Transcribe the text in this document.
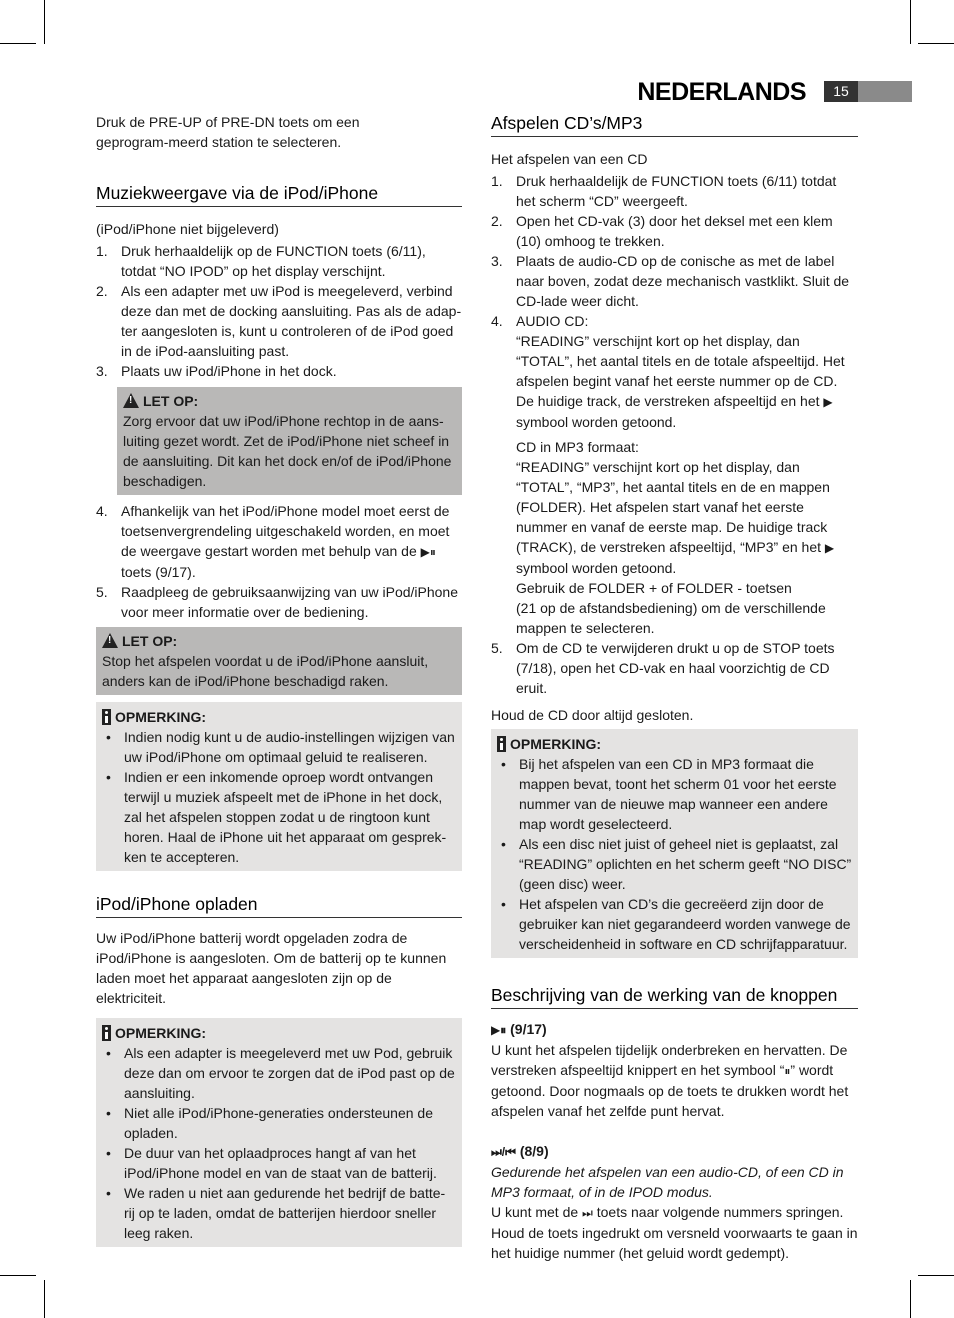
NEDERLANDS	15

Druk de PRE-UP of PRE-DN toets om een geprogram-meerd station te selecteren.

Muziekweergave via de iPod/iPhone

(iPod/iPhone niet bijgeleverd)

1. Druk herhaaldelijk op de FUNCTION toets (6/11), totdat “NO IPOD” op het display verschijnt.
2. Als een adapter met uw iPod is meegeleverd, verbind deze dan met de docking aansluiting. Pas als de adap-ter aangesloten is, kunt u controleren of de iPod goed in de iPod-aansluiting past.
3. Plaats uw iPod/iPhone in het dock.
!LET OP:
Zorg ervoor dat uw iPod/iPhone rechtop in de aans-luiting gezet wordt. Zet de iPod/iPhone niet scheef in de aansluiting. Dit kan het dock en/of de iPod/iPhone beschadigen.
4. Afhankelijk van het iPod/iPhone model moet eerst de toetsenvergrendeling uitgeschakeld worden, en moet de weergave gestart worden met behulp van de ▶⏸ toets (9/17).
5. Raadpleeg de gebruiksaanwijzing van uw iPod/iPhone voor meer informatie over de bediening.
!LET OP:
Stop het afspelen voordat u de iPod/iPhone aansluit, anders kan de iPod/iPhone beschadigd raken.
OPMERKING:
• Indien nodig kunt u de audio-instellingen wijzigen van uw iPod/iPhone om optimaal geluid te realiseren.
• Indien er een inkomende oproep wordt ontvangen terwijl u muziek afspeelt met de iPhone in het dock, zal het afspelen stoppen zodat u de ringtoon kunt horen. Haal de iPhone uit het apparaat om gesprek-ken te accepteren.
iPod/iPhone opladen

Uw iPod/iPhone batterij wordt opgeladen zodra de iPod/iPhone is aangesloten. Om de batterij op te kunnen laden moet het apparaat aangesloten zijn op de elektriciteit.

OPMERKING:
• Als een adapter is meegeleverd met uw Pod, gebruik deze dan om ervoor te zorgen dat de iPod past op de aansluiting.
• Niet alle iPod/iPhone-generaties ondersteunen de opladen.
• De duur van het oplaadproces hangt af van het iPod/iPhone model en van de staat van de batterij.
• We raden u niet aan gedurende het bedrijf de batte-rij op te laden, omdat de batterijen hierdoor sneller leeg raken.
Afspelen CD’s/MP3

Het afspelen van een CD

1. Druk herhaaldelijk de FUNCTION toets (6/11) totdat het scherm “CD” weergeeft.
2. Open het CD-vak (3) door het deksel met een klem (10) omhoog te trekken.
3. Plaats de audio-CD op de conische as met de label naar boven, zodat deze mechanisch vastklikt. Sluit de CD-lade weer dicht.
4. AUDIO CD:
“READING” verschijnt kort op het display, dan “TOTAL”, het aantal titels en de totale afspeeltijd. Het afspelen begint vanaf het eerste nummer op de CD. De huidige track, de verstreken afspeeltijd en het ▶ symbool worden getoond.
CD in MP3 formaat:
“READING” verschijnt kort op het display, dan “TOTAL”, “MP3”, het aantal titels en de en mappen (FOLDER). Het afspelen start vanaf het eerste nummer en vanaf de eerste map. De huidige track (TRACK), de verstreken afspeeltijd, “MP3” en het ▶ symbool worden getoond.
Gebruik de FOLDER + of FOLDER - toetsen
(21 op de afstandsbediening) om de verschillende mappen te selecteren.
5. Om de CD te verwijderen drukt u op de STOP toets (7/18), open het CD-vak en haal voorzichtig de CD eruit.

Houd de CD door altijd gesloten.

OPMERKING:
• Bij het afspelen van een CD in MP3 formaat die mappen bevat, toont het scherm 01 voor het eerste nummer van de nieuwe map wanneer een andere map wordt geselecteerd.
• Als een disc niet juist of geheel niet is geplaatst, zal “READING” oplichten en het scherm geeft “NO DISC” (geen disc) weer.
• Het afspelen van CD’s die gecreëerd zijn door de gebruiker kan niet gegarandeerd worden vanwege de verscheidenheid in software en CD schrijfapparatuur.
Beschrijving van de werking van de knoppen

▶⏸ (9/17)

U kunt het afspelen tijdelijk onderbreken en hervatten. De verstreken afspeeltijd knippert en het symbool “⏸” wordt getoond. Door nogmaals op de toets te drukken wordt het afspelen vanaf het zelfde punt hervat.

⏭/⏮ (8/9)

Gedurende het afspelen van een audio-CD, of een CD in MP3 formaat, of in de IPOD modus.

U kunt met de ⏭ toets naar volgende nummers springen. Houd de toets ingedrukt om versneld voorwaarts te gaan in het huidige nummer (het geluid wordt gedempt).
